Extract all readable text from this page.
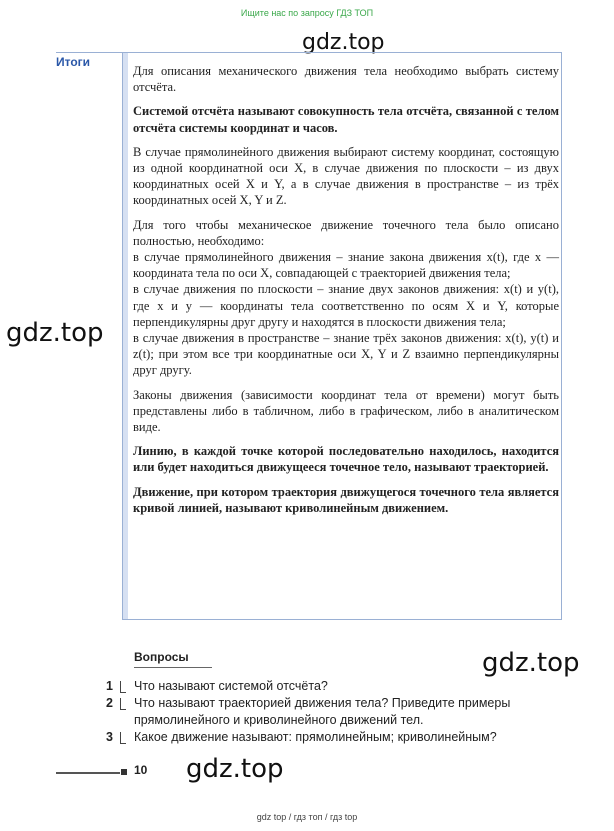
Ищите нас по запросу ГДЗ ТОП
gdz.top
gdz.top
gdz.top
gdz.top
Итоги

Для описания механического движения тела необходимо выбрать систему отсчёта.

Системой отсчёта называют совокупность тела отсчёта, связанной с телом отсчёта системы координат и часов.

В случае прямолинейного движения выбирают систему координат, состоящую из одной координатной оси X, в случае движения по плоскости – из двух координатных осей X и Y, а в случае движения в пространстве – из трёх координатных осей X, Y и Z.

Для того чтобы механическое движение точечного тела было описано полностью, необходимо:

в случае прямолинейного движения – знание закона движения x(t), где x — координата тела по оси X, совпадающей с траекторией движения тела;

в случае движения по плоскости – знание двух законов движения: x(t) и y(t), где x и y — координаты тела соответственно по осям X и Y, которые перпендикулярны друг другу и находятся в плоскости движения тела;

в случае движения в пространстве – знание трёх законов движения: x(t), y(t) и z(t); при этом все три координатные оси X, Y и Z взаимно перпендикулярны друг другу.

Законы движения (зависимости координат тела от времени) могут быть представлены либо в табличном, либо в графическом, либо в аналитическом виде.

Линию, в каждой точке которой последовательно находилось, находится или будет находиться движущееся точечное тело, называют траекторией.

Движение, при котором траектория движущегося точечного тела является кривой линией, называют криволинейным движением.

Вопросы
1	Что называют системой отсчёта?
2	Что называют траекторией движения тела? Приведите примеры прямолинейного и криволинейного движений тел.
3	Какое движение называют: прямолинейным; криволинейным?
10
gdz top / гдз топ / гдз top
